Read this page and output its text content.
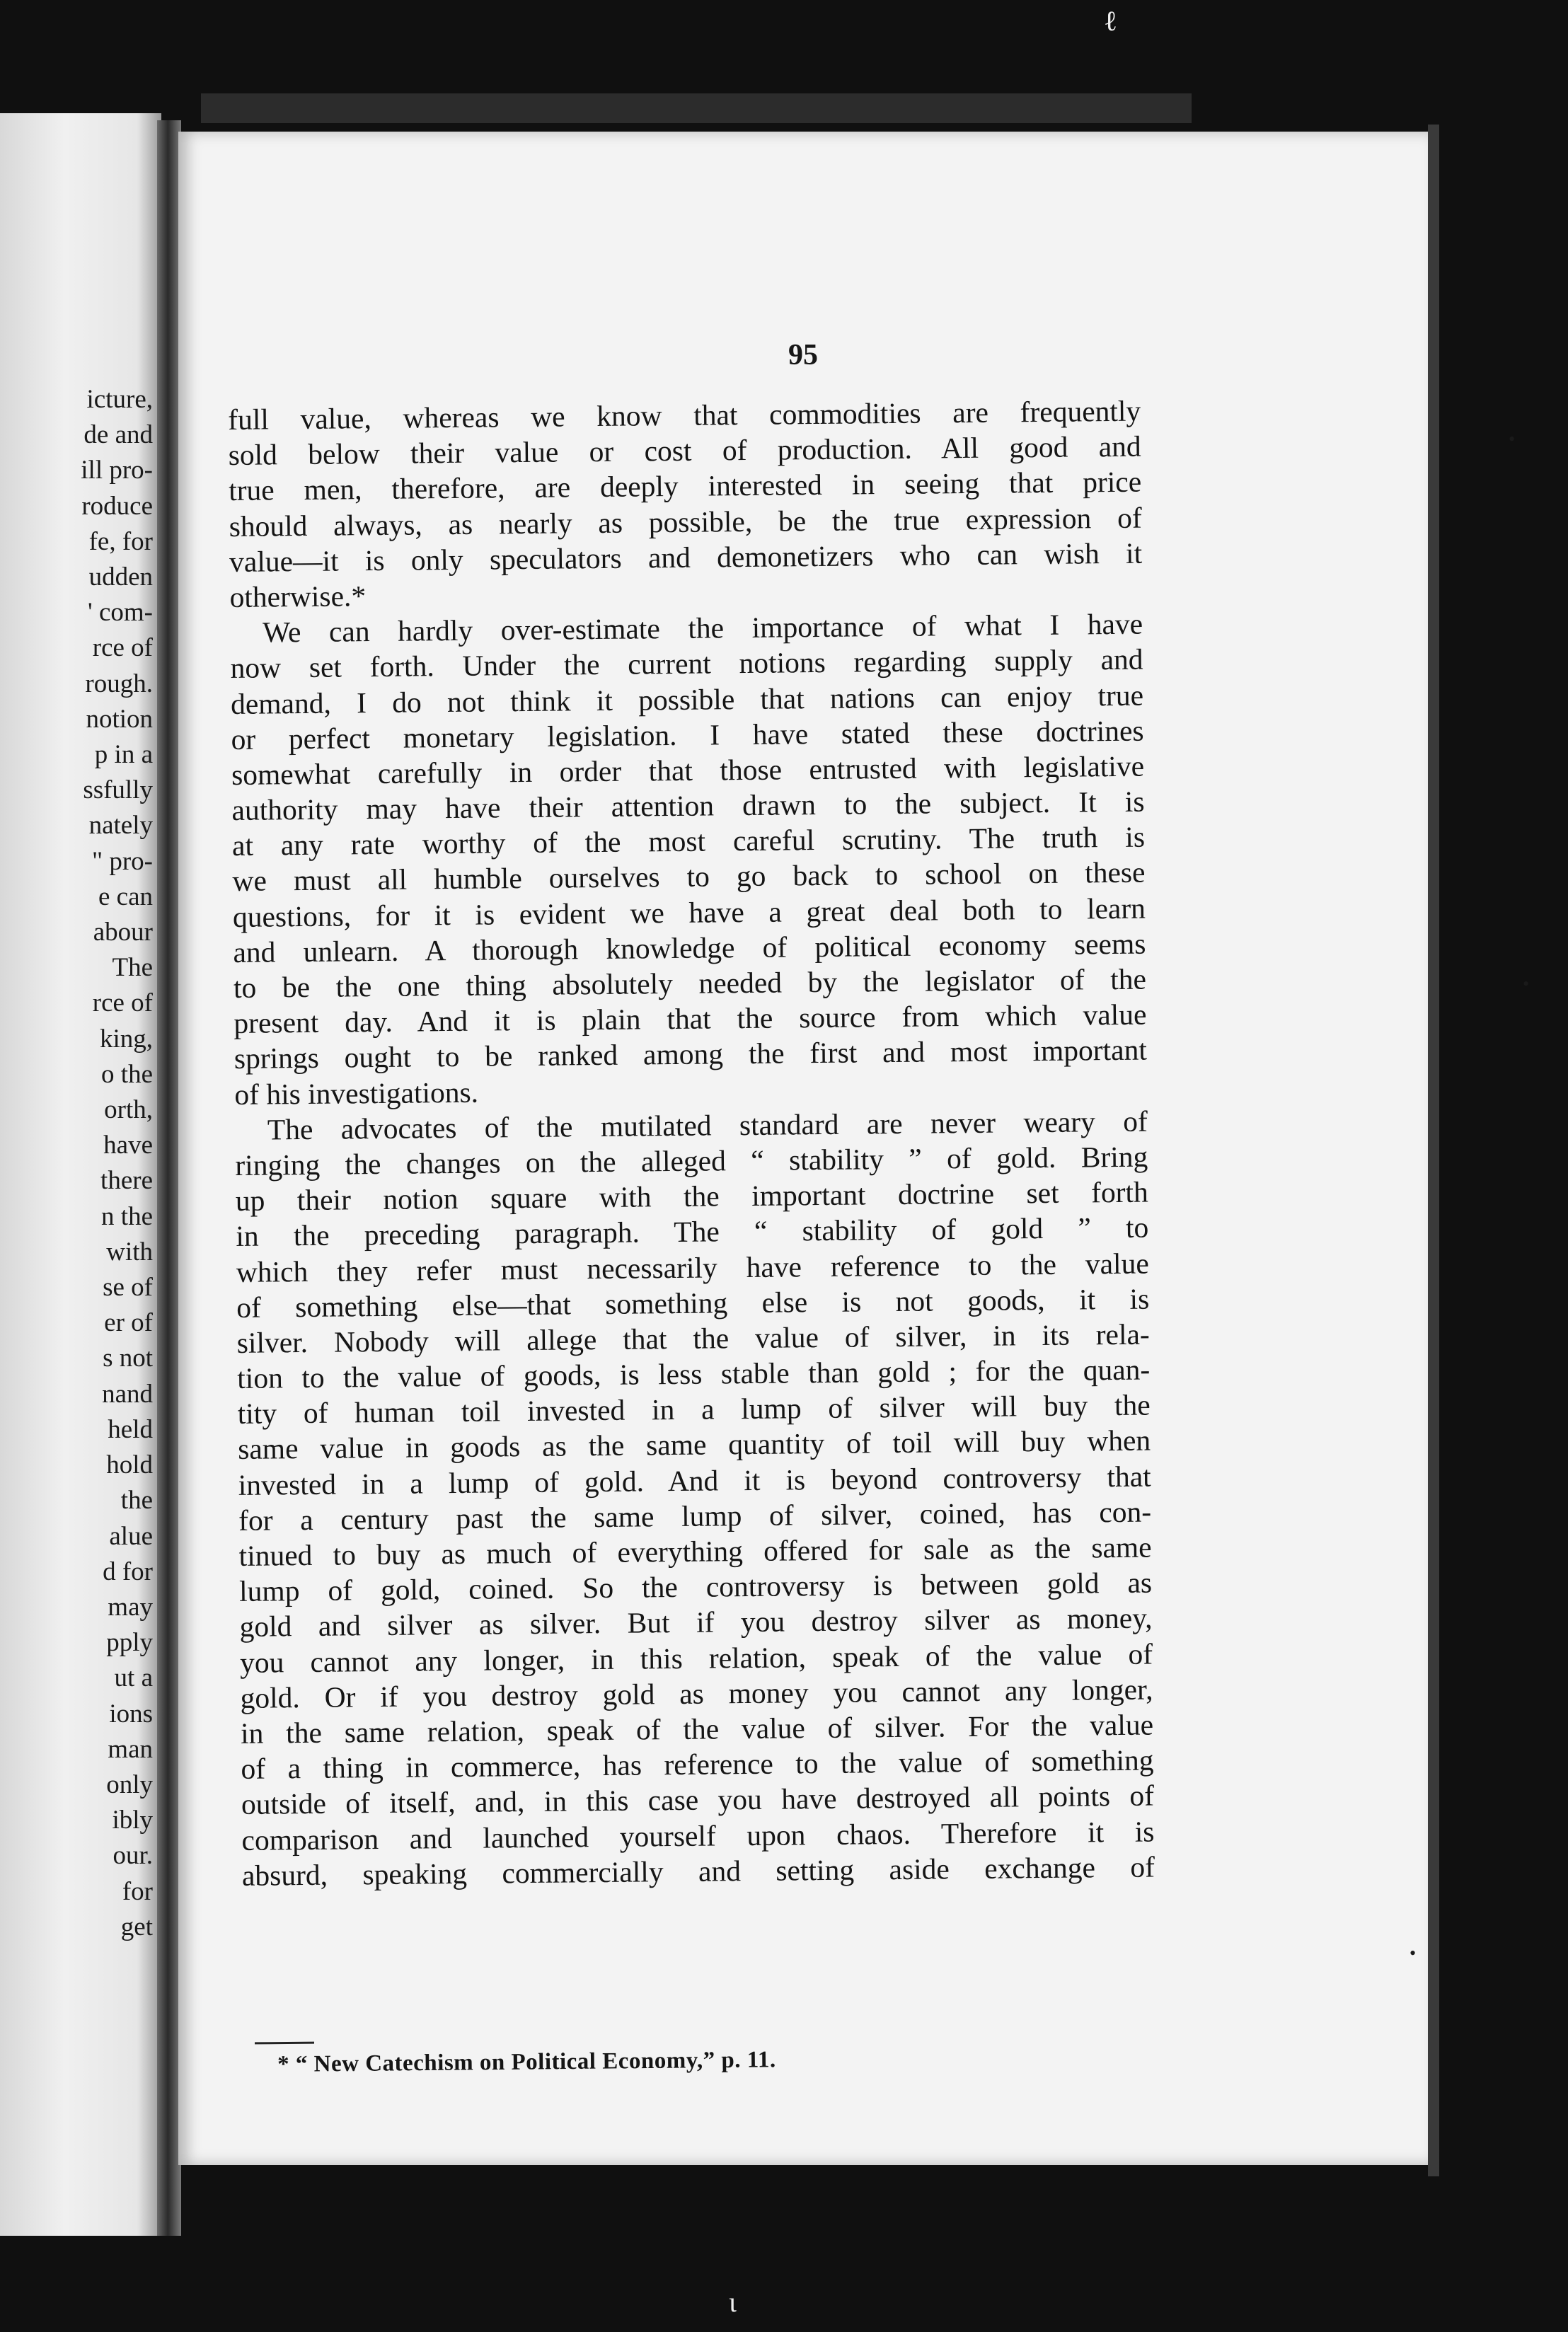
icture,
de and
ill pro-
roduce
fe, for
udden
' com-
rce of
rough.
notion
p in a
ssfully
nately
" pro-
e can
abour
The
rce of
king,
o the
orth,
have
there
n the
with
se of
er of
s not
nand
held
hold
the
alue
d for
may
pply
ut a
ions
man
only
ibly
our.
for
get
95
full value, whereas we know that commodities are frequently
sold below their value or cost of production. All good and
true men, therefore, are deeply interested in seeing that price
should always, as nearly as possible, be the true expression of
value—it is only speculators and demonetizers who can wish it
otherwise.*
We can hardly over-estimate the importance of what I have
now set forth. Under the current notions regarding supply and
demand, I do not think it possible that nations can enjoy true
or perfect monetary legislation. I have stated these doctrines
somewhat carefully in order that those entrusted with legislative
authority may have their attention drawn to the subject. It is
at any rate worthy of the most careful scrutiny. The truth is
we must all humble ourselves to go back to school on these
questions, for it is evident we have a great deal both to learn
and unlearn. A thorough knowledge of political economy seems
to be the one thing absolutely needed by the legislator of the
present day. And it is plain that the source from which value
springs ought to be ranked among the first and most important
of his investigations.
The advocates of the mutilated standard are never weary of
ringing the changes on the alleged “ stability ” of gold. Bring
up their notion square with the important doctrine set forth
in the preceding paragraph. The “ stability of gold ” to
which they refer must necessarily have reference to the value
of something else—that something else is not goods, it is
silver. Nobody will allege that the value of silver, in its rela-
tion to the value of goods, is less stable than gold ; for the quan-
tity of human toil invested in a lump of silver will buy the
same value in goods as the same quantity of toil will buy when
invested in a lump of gold. And it is beyond controversy that
for a century past the same lump of silver, coined, has con-
tinued to buy as much of everything offered for sale as the same
lump of gold, coined. So the controversy is between gold as
gold and silver as silver. But if you destroy silver as money,
you cannot any longer, in this relation, speak of the value of
gold. Or if you destroy gold as money you cannot any longer,
in the same relation, speak of the value of silver. For the value
of a thing in commerce, has reference to the value of something
outside of itself, and, in this case you have destroyed all points of
comparison and launched yourself upon chaos. Therefore it is
absurd, speaking commercially and setting aside exchange of
* “ New Catechism on Political Economy,” p. 11.
•
•
•
ℓ
ι
